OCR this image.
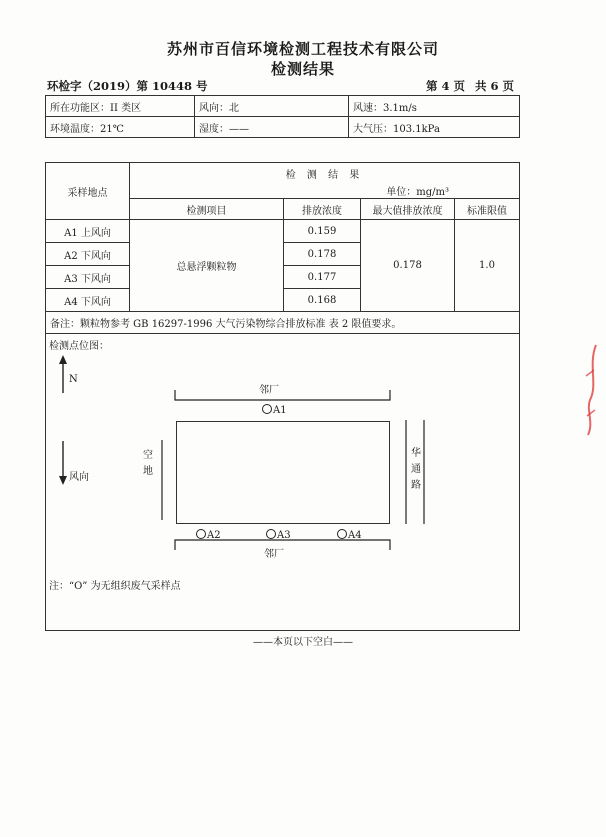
苏州市百信环境检测工程技术有限公司
检测结果
环检字（2019）第 10448 号	第 4 页 共 6 页
所在功能区：II 类区	风向：北	风速：3.1m/s
环境温度：21℃	湿度：——	大气压：103.1kPa
采样地点	检 测 结 果
单位：mg/m³			

	检测项目	排放浓度	最大值排放浓度	标准限值
A1 上风向	总悬浮颗粒物	0.159	0.178	1.0
A2 下风向		0.178		
A3 下风向		0.177		
A4 下风向		0.168		
备注：颗粒物参考 GB 16297-1996 大气污染物综合排放标准 表 2 限值要求。				
检测点位图：
N
风向
邻厂
A1
空
地
华
通
路
A2	A3	A4
邻厂
注：“O” 为无组织废气采样点
——本页以下空白——
